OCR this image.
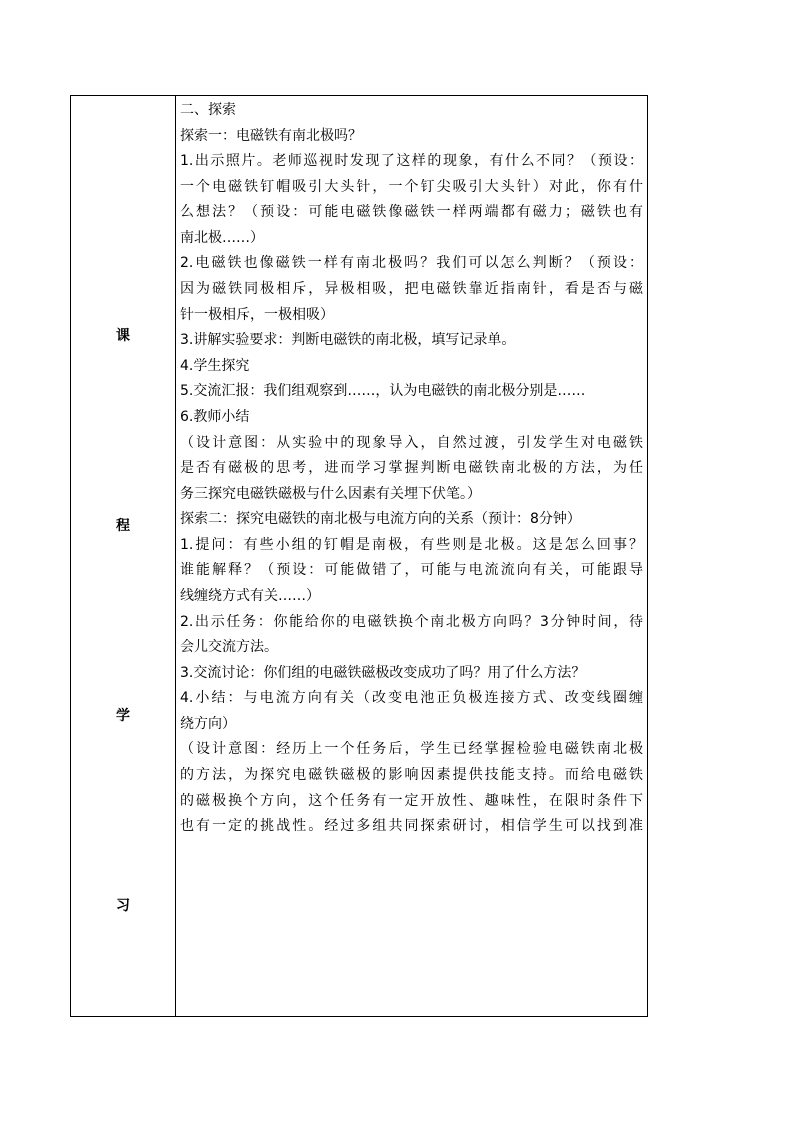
课
程
学
习
二、探索
探索一：电磁铁有南北极吗？
1.出示照片。老师巡视时发现了这样的现象，有什么不同？（预设：
一个电磁铁钉帽吸引大头针，一个钉尖吸引大头针）对此，你有什
么想法？（预设：可能电磁铁像磁铁一样两端都有磁力；磁铁也有
南北极……）
2.电磁铁也像磁铁一样有南北极吗？我们可以怎么判断？（预设：
因为磁铁同极相斥，异极相吸，把电磁铁靠近指南针，看是否与磁
针一极相斥，一极相吸）
3.讲解实验要求：判断电磁铁的南北极，填写记录单。
4.学生探究
5.交流汇报：我们组观察到……，认为电磁铁的南北极分别是……
6.教师小结
（设计意图：从实验中的现象导入，自然过渡，引发学生对电磁铁
是否有磁极的思考，进而学习掌握判断电磁铁南北极的方法，为任
务三探究电磁铁磁极与什么因素有关埋下伏笔。）
探索二：探究电磁铁的南北极与电流方向的关系（预计：8分钟）
1.提问：有些小组的钉帽是南极，有些则是北极。这是怎么回事？
谁能解释？（预设：可能做错了，可能与电流流向有关，可能跟导
线缠绕方式有关……）
2.出示任务：你能给你的电磁铁换个南北极方向吗？3分钟时间，待
会儿交流方法。
3.交流讨论：你们组的电磁铁磁极改变成功了吗？用了什么方法？
4.小结：与电流方向有关（改变电池正负极连接方式、改变线圈缠
绕方向）
（设计意图：经历上一个任务后，学生已经掌握检验电磁铁南北极
的方法，为探究电磁铁磁极的影响因素提供技能支持。而给电磁铁
的磁极换个方向，这个任务有一定开放性、趣味性，在限时条件下
也有一定的挑战性。经过多组共同探索研讨，相信学生可以找到准
